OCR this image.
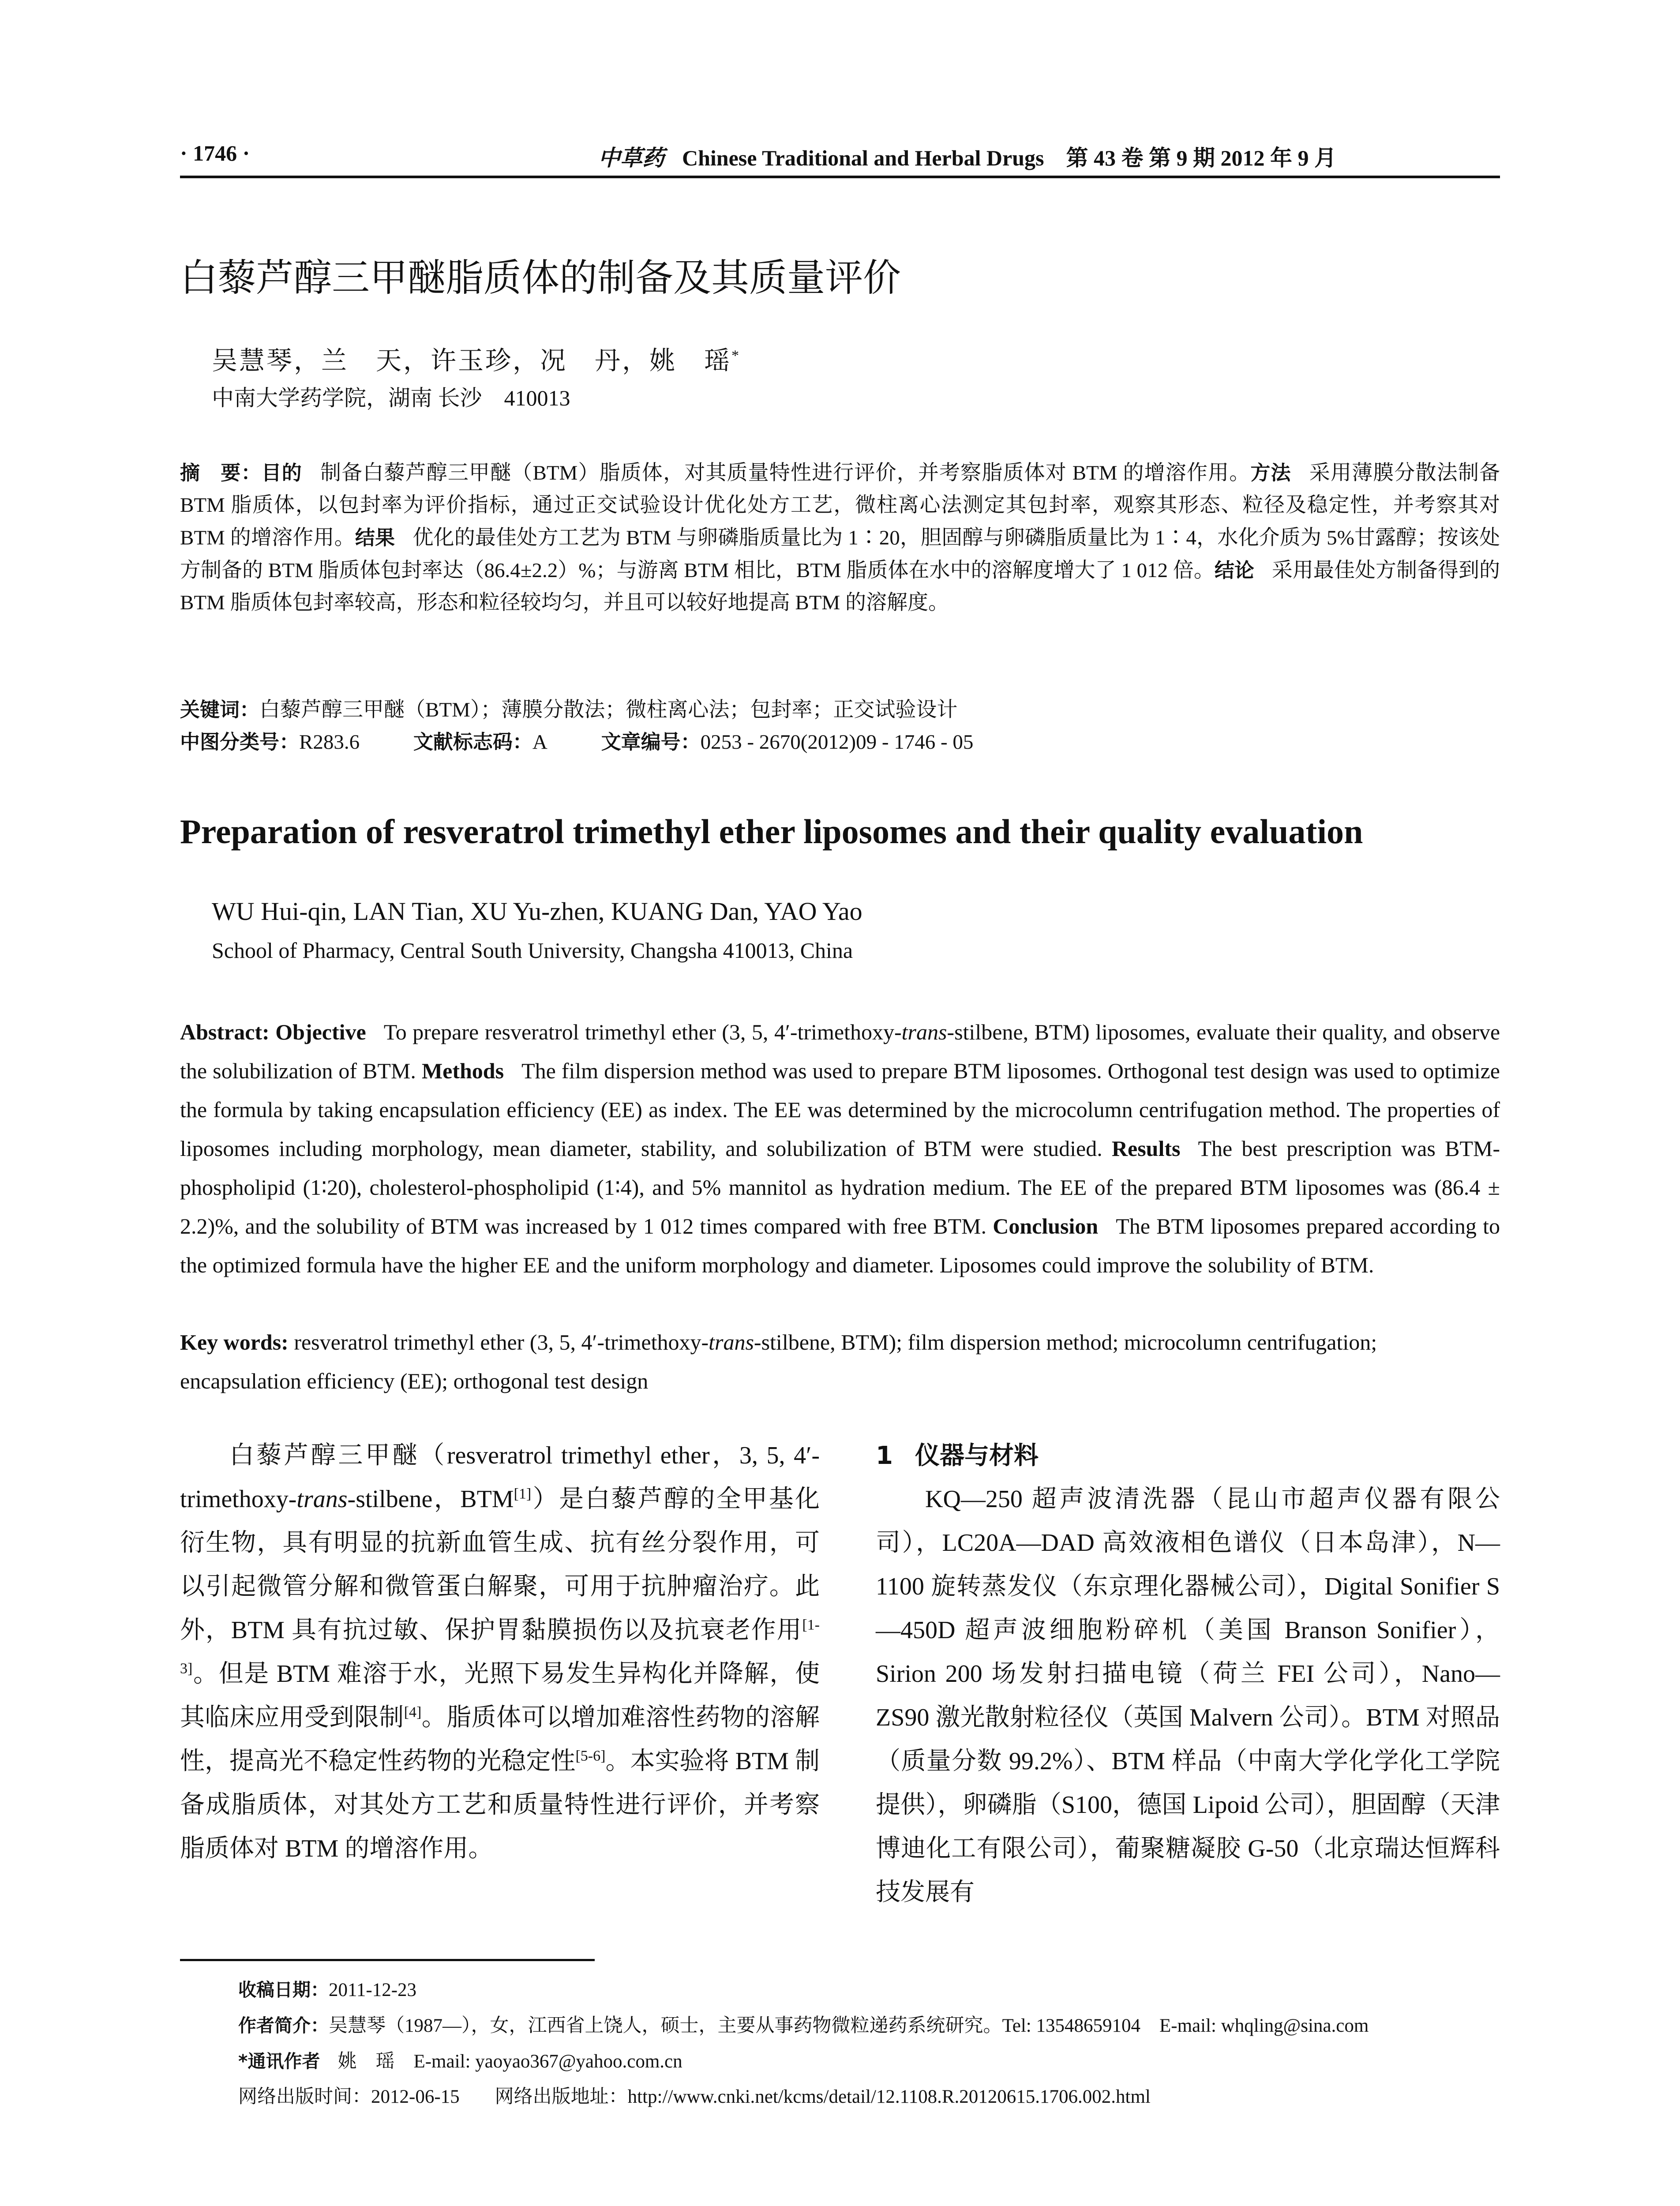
· 1746 ·	中草药 Chinese Traditional and Herbal Drugs　第 43 卷 第 9 期 2012 年 9 月
白藜芦醇三甲醚脂质体的制备及其质量评价
吴慧琴，兰　天，许玉珍，况　丹，姚　瑶*
中南大学药学院，湖南 长沙　410013
摘　要：目的 制备白藜芦醇三甲醚（BTM）脂质体，对其质量特性进行评价，并考察脂质体对 BTM 的增溶作用。方法 采用薄膜分散法制备 BTM 脂质体，以包封率为评价指标，通过正交试验设计优化处方工艺，微柱离心法测定其包封率，观察其形态、粒径及稳定性，并考察其对 BTM 的增溶作用。结果 优化的最佳处方工艺为 BTM 与卵磷脂质量比为 1∶20，胆固醇与卵磷脂质量比为 1∶4，水化介质为 5%甘露醇；按该处方制备的 BTM 脂质体包封率达（86.4±2.2）%；与游离 BTM 相比，BTM 脂质体在水中的溶解度增大了 1 012 倍。结论 采用最佳处方制备得到的 BTM 脂质体包封率较高，形态和粒径较均匀，并且可以较好地提高 BTM 的溶解度。
关键词：白藜芦醇三甲醚（BTM）；薄膜分散法；微柱离心法；包封率；正交试验设计
中图分类号：R283.6	文献标志码：A	文章编号：0253 - 2670(2012)09 - 1746 - 05
Preparation of resveratrol trimethyl ether liposomes and their quality evaluation
WU Hui-qin, LAN Tian, XU Yu-zhen, KUANG Dan, YAO Yao
School of Pharmacy, Central South University, Changsha 410013, China
Abstract: Objective To prepare resveratrol trimethyl ether (3, 5, 4′-trimethoxy-trans-stilbene, BTM) liposomes, evaluate their quality, and observe the solubilization of BTM. Methods The film dispersion method was used to prepare BTM liposomes. Orthogonal test design was used to optimize the formula by taking encapsulation efficiency (EE) as index. The EE was determined by the microcolumn centrifugation method. The properties of liposomes including morphology, mean diameter, stability, and solubilization of BTM were studied. Results The best prescription was BTM-phospholipid (1∶20), cholesterol-phospholipid (1∶4), and 5% mannitol as hydration medium. The EE of the prepared BTM liposomes was (86.4 ± 2.2)%, and the solubility of BTM was increased by 1 012 times compared with free BTM. Conclusion The BTM liposomes prepared according to the optimized formula have the higher EE and the uniform morphology and diameter. Liposomes could improve the solubility of BTM.
Key words: resveratrol trimethyl ether (3, 5, 4′-trimethoxy-trans-stilbene, BTM); film dispersion method; microcolumn centrifugation; encapsulation efficiency (EE); orthogonal test design

白藜芦醇三甲醚（resveratrol trimethyl ether，3, 5, 4′-trimethoxy-trans-stilbene，BTM[1]）是白藜芦醇的全甲基化衍生物，具有明显的抗新血管生成、抗有丝分裂作用，可以引起微管分解和微管蛋白解聚，可用于抗肿瘤治疗。此外，BTM 具有抗过敏、保护胃黏膜损伤以及抗衰老作用[1-3]。但是 BTM 难溶于水，光照下易发生异构化并降解，使其临床应用受到限制[4]。脂质体可以增加难溶性药物的溶解性，提高光不稳定性药物的光稳定性[5-6]。本实验将 BTM 制备成脂质体，对其处方工艺和质量特性进行评价，并考察脂质体对 BTM 的增溶作用。

1 仪器与材料

KQ—250 超声波清洗器（昆山市超声仪器有限公司），LC20A—DAD 高效液相色谱仪（日本岛津），N—1100 旋转蒸发仪（东京理化器械公司），Digital Sonifier S—450D 超声波细胞粉碎机（美国 Branson Sonifier），Sirion 200 场发射扫描电镜（荷兰 FEI 公司），Nano—ZS90 激光散射粒径仪（英国 Malvern 公司）。BTM 对照品（质量分数 99.2%）、BTM 样品（中南大学化学化工学院提供），卵磷脂（S100，德国 Lipoid 公司），胆固醇（天津博迪化工有限公司），葡聚糖凝胶 G-50（北京瑞达恒辉科技发展有

收稿日期：2011-12-23
作者简介：吴慧琴（1987—），女，江西省上饶人，硕士，主要从事药物微粒递药系统研究。Tel: 13548659104　E-mail: whqling@sina.com
*通讯作者 姚　瑶　E-mail: yaoyao367@yahoo.com.cn
网络出版时间：2012-06-15 网络出版地址：http://www.cnki.net/kcms/detail/12.1108.R.20120615.1706.002.html
